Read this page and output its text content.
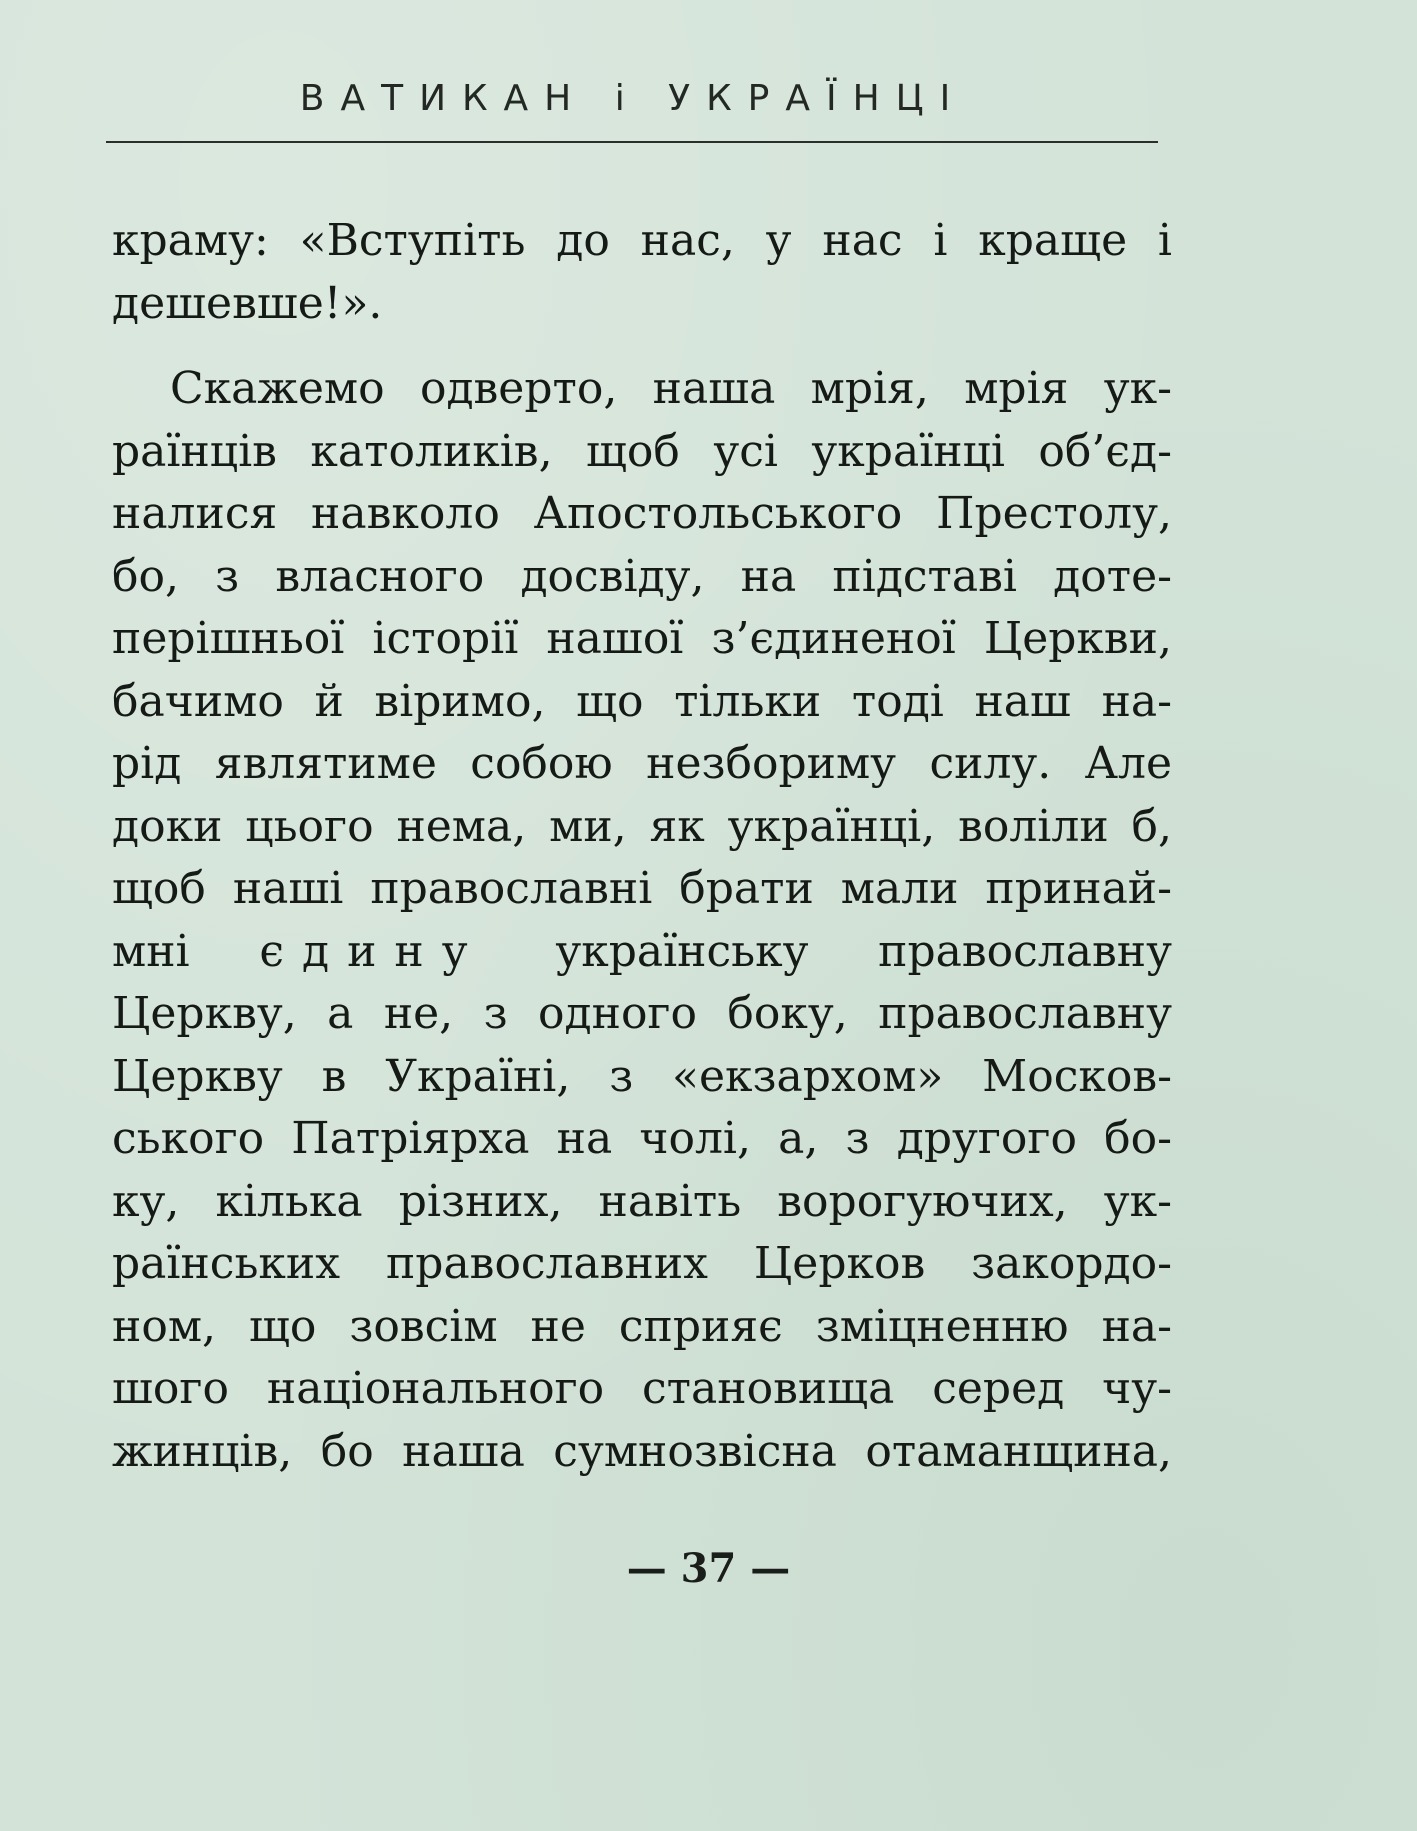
ВАТИКАН і УКРАЇНЦІ
краму: «Вступіть до нас, у нас і краще і
дешевше!».
Скажемо одверто, наша мрія, мрія ук-
раїнців католиків, щоб усі українці об’єд-
налися навколо Апостольського Престолу,
бо, з власного досвіду, на підставі доте-
перішньої історії нашої з’єдиненої Церкви,
бачимо й віримо, що тільки тоді наш на-
рід являтиме собою незбориму силу. Але
доки цього нема, ми, як українці, воліли б,
щоб наші православні брати мали принай-
мні єдину українську православну
Церкву, а не, з одного боку, православну
Церкву в Україні, з «екзархом» Москов-
ського Патріярха на чолі, а, з другого бо-
ку, кілька різних, навіть ворогуючих, ук-
раїнських православних Церков закордо-
ном, що зовсім не сприяє зміцненню на-
шого національного становища серед чу-
жинців, бо наша сумнозвісна отаманщина,
— 37 —
